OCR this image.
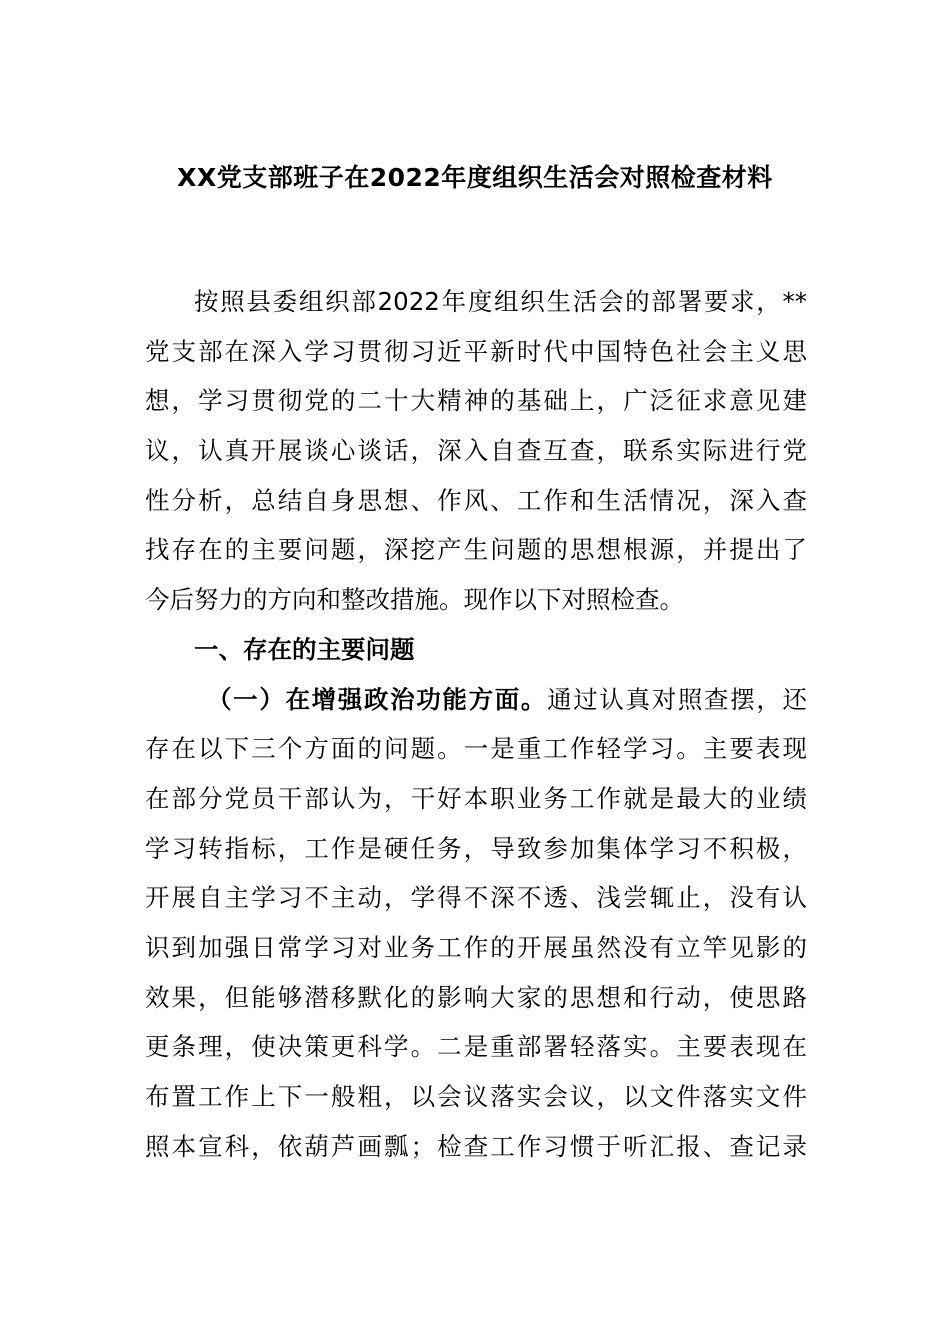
XX党支部班子在2022年度组织生活会对照检查材料
按照县委组织部2022年度组织生活会的部署要求，**
党支部在深入学习贯彻习近平新时代中国特色社会主义思
想，学习贯彻党的二十大精神的基础上，广泛征求意见建
议，认真开展谈心谈话，深入自查互查，联系实际进行党
性分析，总结自身思想、作风、工作和生活情况，深入查
找存在的主要问题，深挖产生问题的思想根源，并提出了
今后努力的方向和整改措施。现作以下对照检查。
一、存在的主要问题
（一）在增强政治功能方面。通过认真对照查摆，还
存在以下三个方面的问题。一是重工作轻学习。主要表现
在部分党员干部认为，干好本职业务工作就是最大的业绩
学习转指标，工作是硬任务，导致参加集体学习不积极，
开展自主学习不主动，学得不深不透、浅尝辄止，没有认
识到加强日常学习对业务工作的开展虽然没有立竿见影的
效果，但能够潜移默化的影响大家的思想和行动，使思路
更条理，使决策更科学。二是重部署轻落实。主要表现在
布置工作上下一般粗，以会议落实会议，以文件落实文件
照本宣科，依葫芦画瓢；检查工作习惯于听汇报、查记录
